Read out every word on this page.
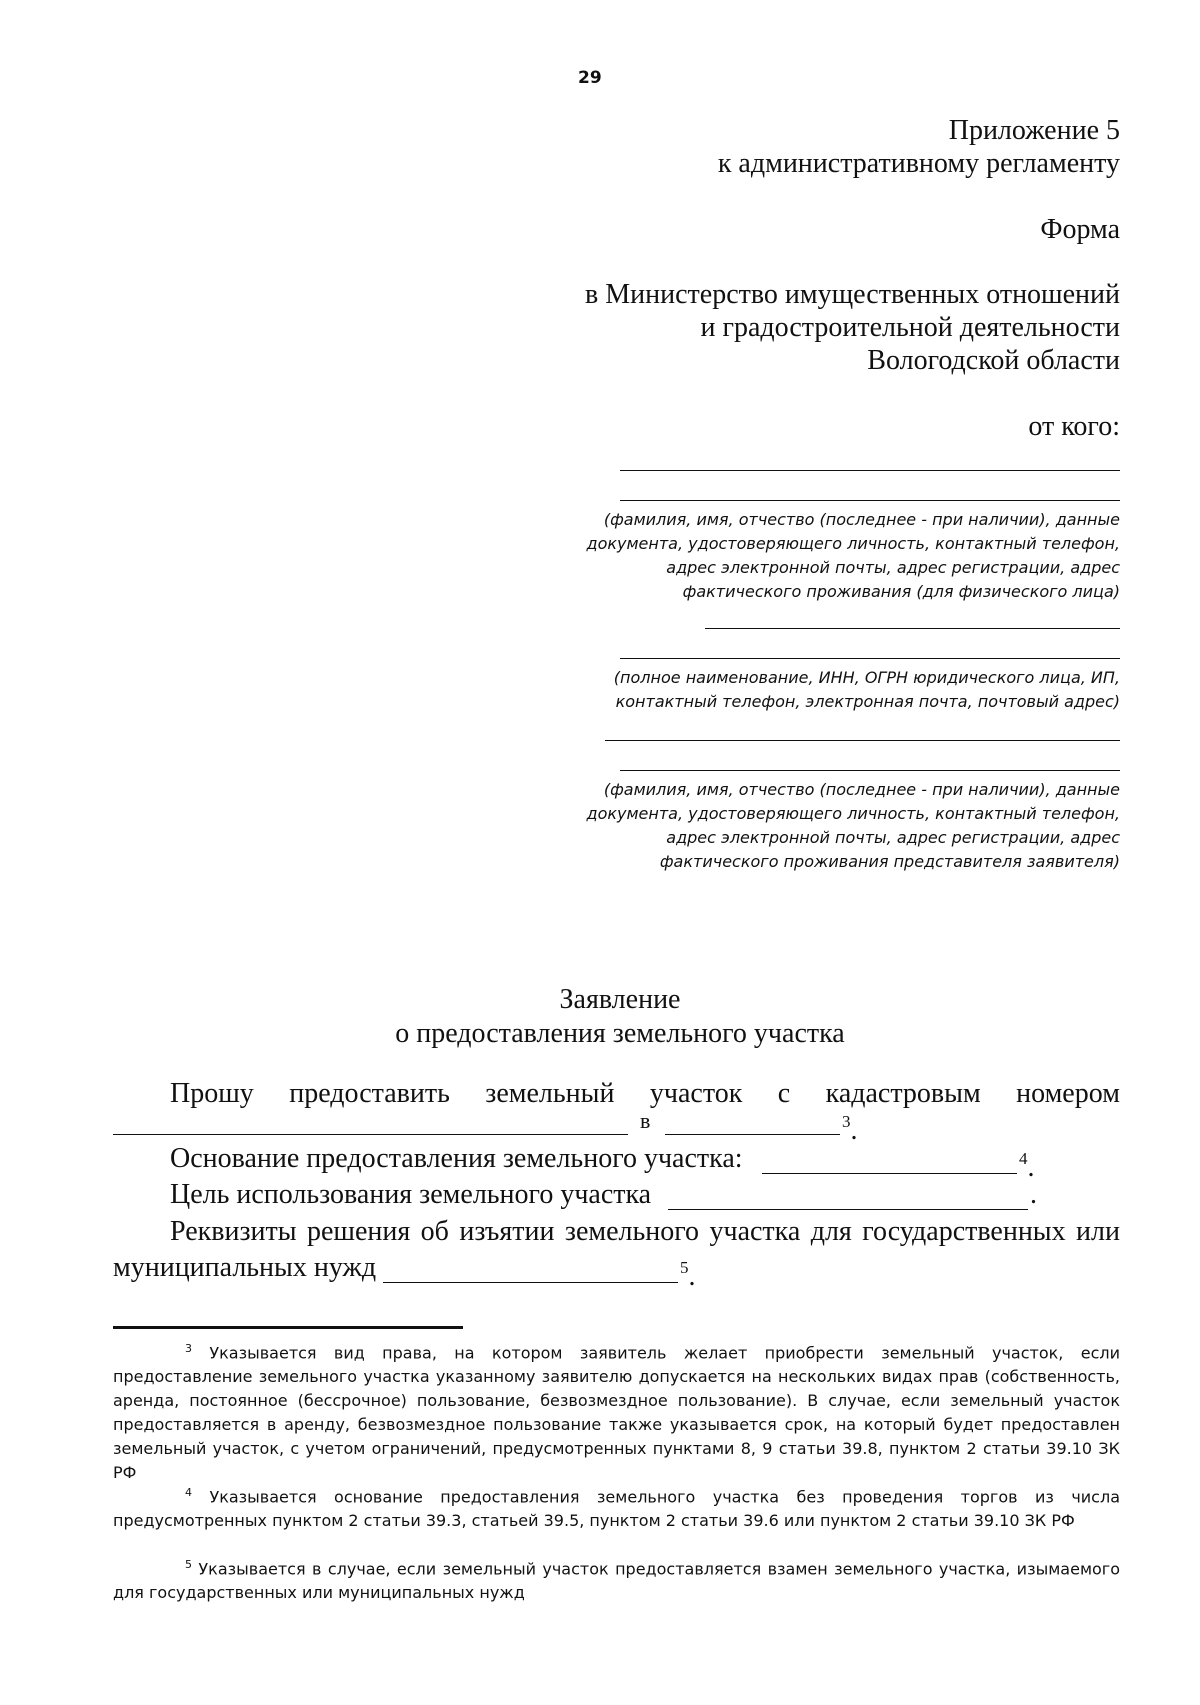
29
Приложение 5
к административному регламенту
Форма
в Министерство имущественных отношений
и градостроительной деятельности
Вологодской области
от кого:
(фамилия, имя, отчество (последнее - при наличии), данные
документа, удостоверяющего личность, контактный телефон,
адрес электронной почты, адрес регистрации, адрес
фактического проживания (для физического лица)
(полное наименование, ИНН, ОГРН юридического лица, ИП,
контактный телефон, электронная почта, почтовый адрес)
(фамилия, имя, отчество (последнее - при наличии), данные
документа, удостоверяющего личность, контактный телефон,
адрес электронной почты, адрес регистрации, адрес
фактического проживания представителя заявителя)
Заявление
о предоставления земельного участка
Прошу предоставить земельный участок с кадастровым номером
в	$^3$.
Основание предоставления земельного участка:	$^4$.
Цель использования земельного участка	.
Реквизиты решения об изъятии земельного участка для государственных или
муниципальных нужд	$^5$.
$^3$ Указывается вид права, на котором заявитель желает приобрести земельный участок, если предоставление земельного участка указанному заявителю допускается на нескольких видах прав (собственность, аренда, постоянное (бессрочное) пользование, безвозмездное пользование). В случае, если земельный участок предоставляется в аренду, безвозмездное пользование также указывается срок, на который будет предоставлен земельный участок, с учетом ограничений, предусмотренных пунктами 8, 9 статьи 39.8, пунктом 2 статьи 39.10 ЗК РФ
$^4$ Указывается основание предоставления земельного участка без проведения торгов из числа предусмотренных пунктом 2 статьи 39.3, статьей 39.5, пунктом 2 статьи 39.6 или пунктом 2 статьи 39.10 ЗК РФ
$^5$ Указывается в случае, если земельный участок предоставляется взамен земельного участка, изымаемого для государственных или муниципальных нужд
